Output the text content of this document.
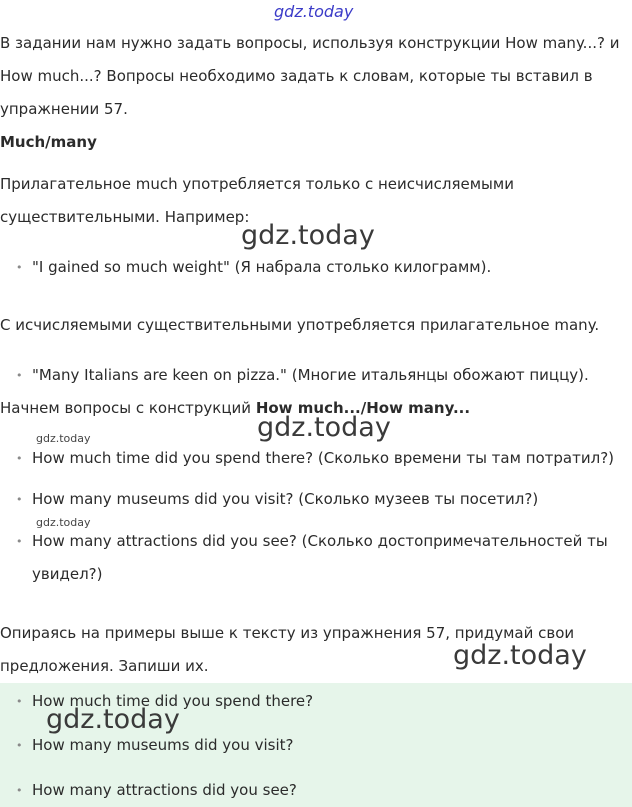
gdz.today
gdz.today
gdz.today
gdz.today
gdz.today
gdz.today
gdz.today

В задании нам нужно задать вопросы, используя конструкции How many...? и

How much...? Вопросы необходимо задать к словам, которые ты вставил в

упражнении 57.

Much/many

Прилагательное much употребляется только с неисчисляемыми

существительными. Например:

• "I gained so much weight" (Я набрала столько килограмм).

С исчисляемыми существительными употребляется прилагательное many.

• "Many Italians are keen on pizza." (Многие итальянцы обожают пиццу).

Начнем вопросы с конструкций How much.../How many...

• How much time did you spend there? (Сколько времени ты там потратил?)
• How many museums did you visit? (Сколько музеев ты посетил?)
• How many attractions did you see? (Сколько достопримечательностей ты
увидел?)

Опираясь на примеры выше к тексту из упражнения 57, придумай свои

предложения. Запиши их.

• How much time did you spend there?
• How many museums did you visit?
• How many attractions did you see?
